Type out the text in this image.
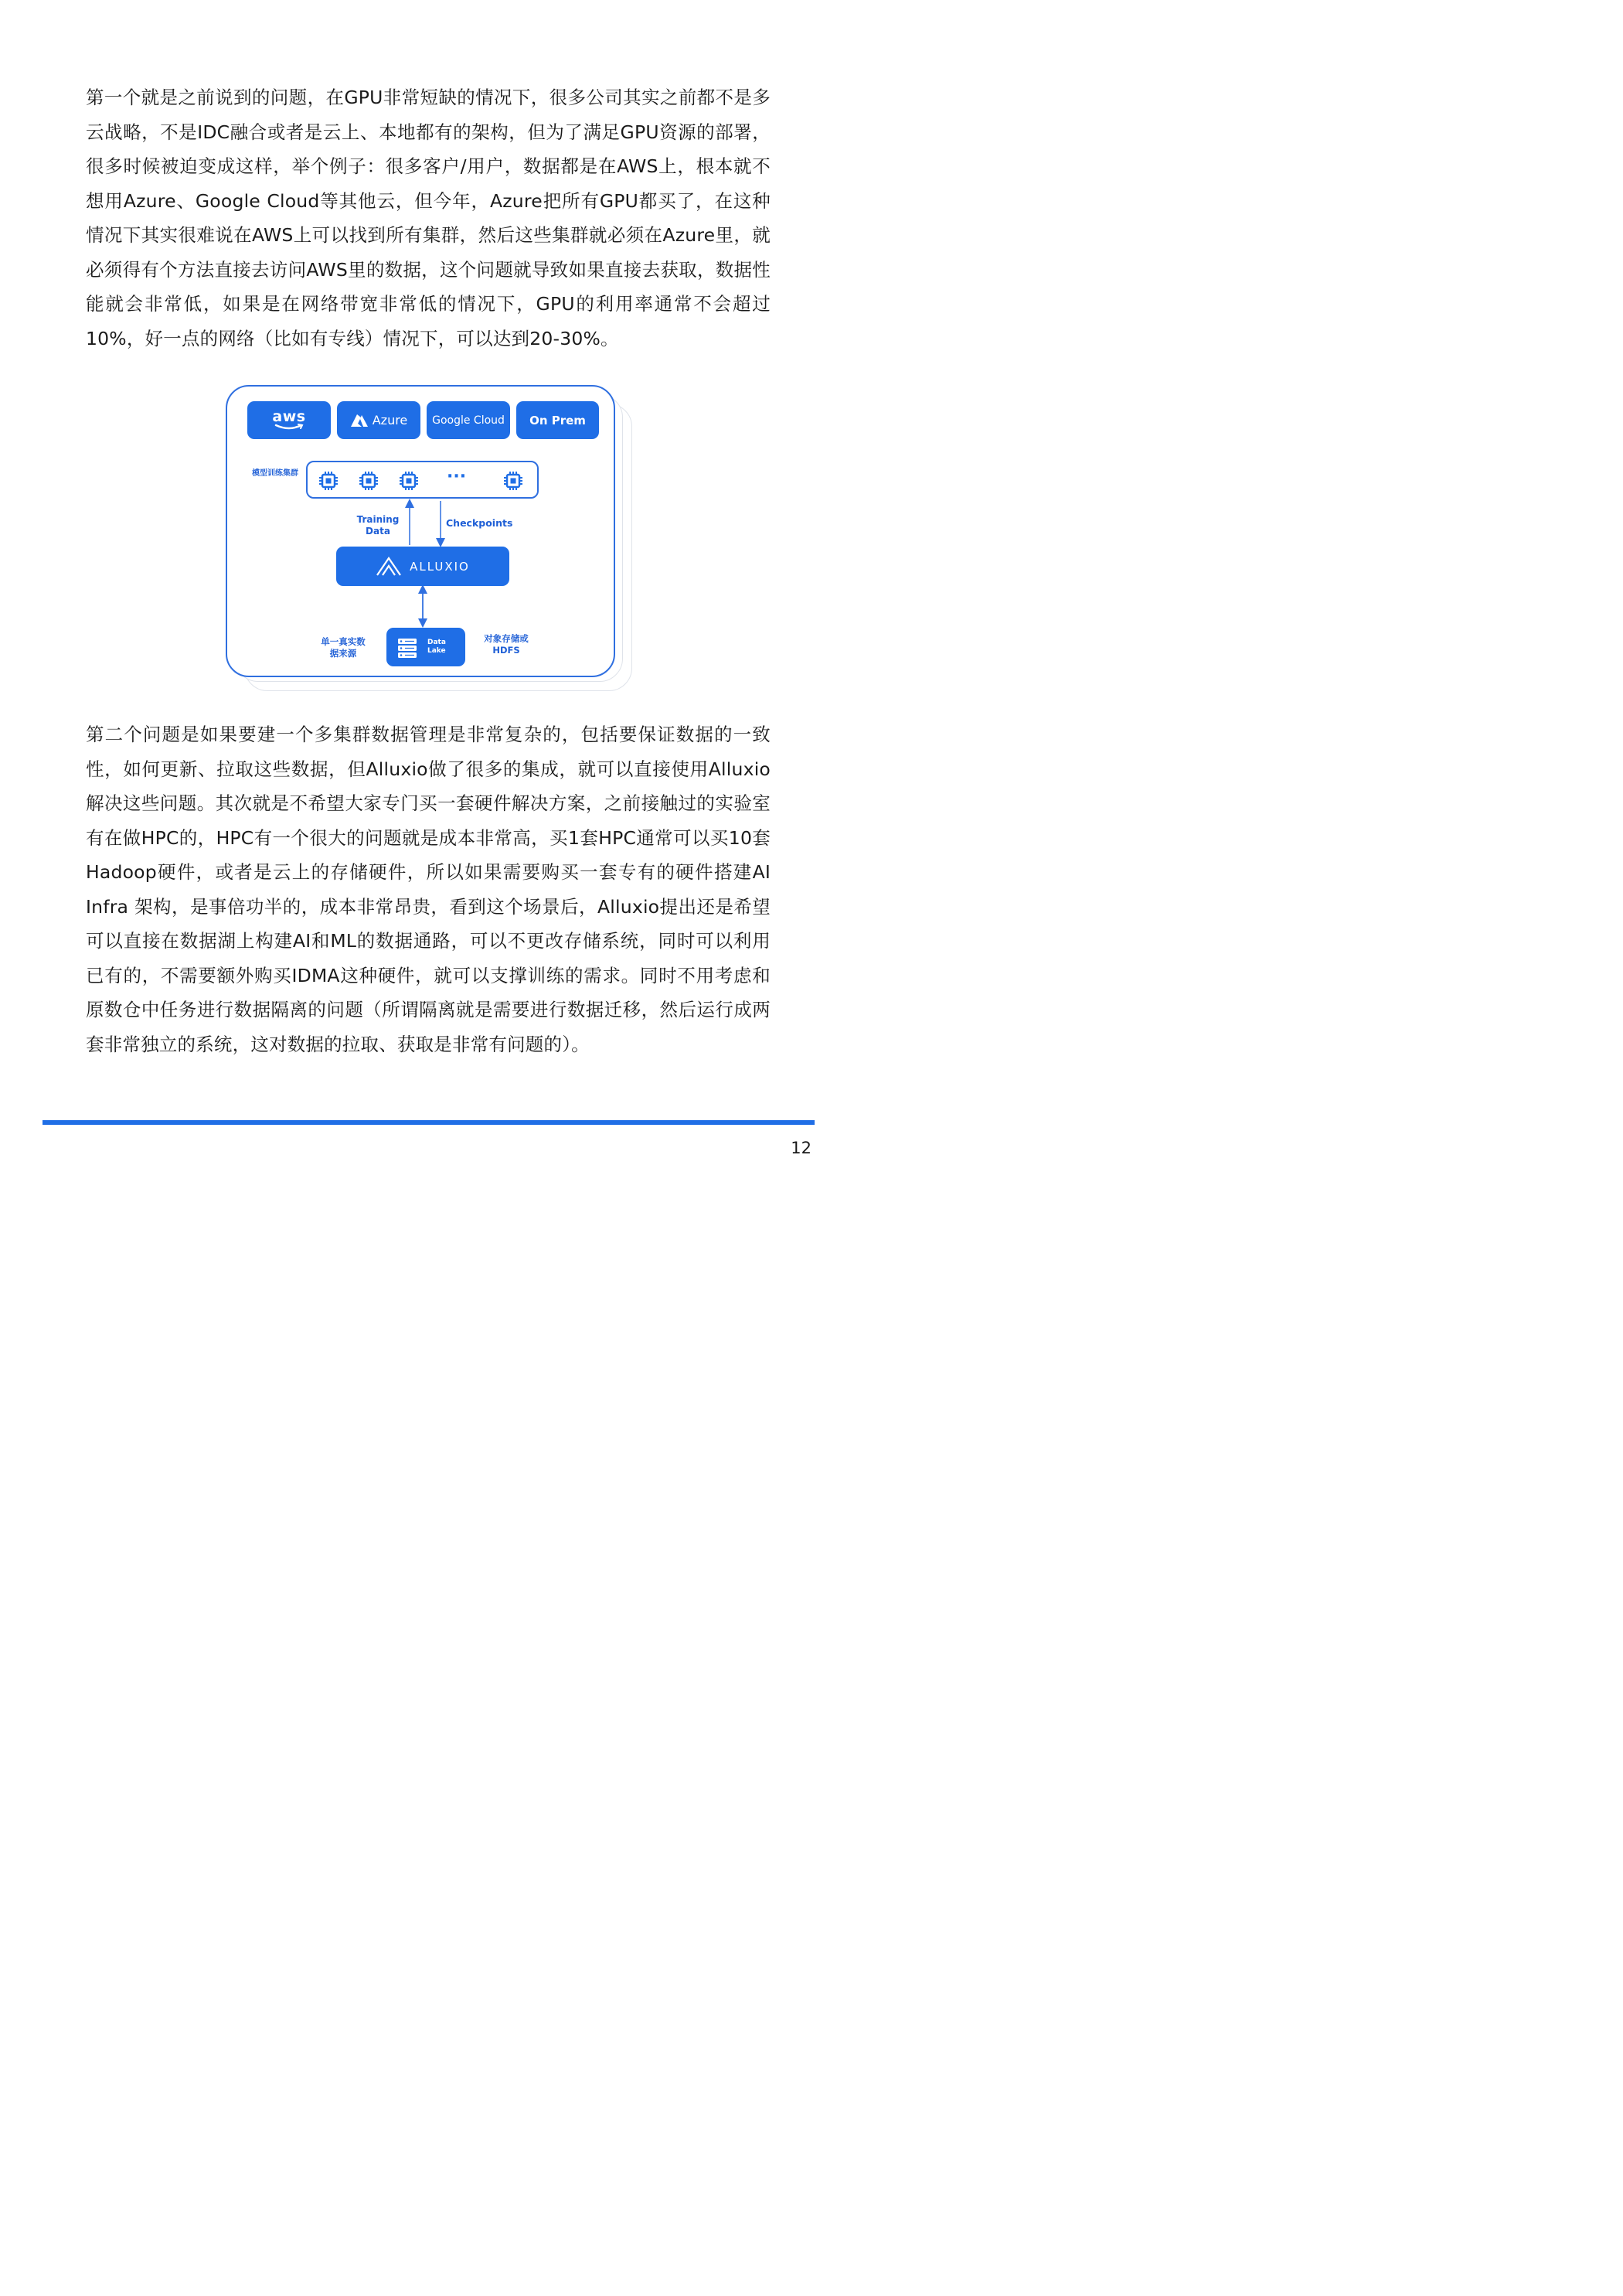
第一个就是之前说到的问题，在GPU非常短缺的情况下，很多公司其实之前都不是多云战略，不是IDC融合或者是云上、本地都有的架构，但为了满足GPU资源的部署，很多时候被迫变成这样，举个例子：很多客户/用户，数据都是在AWS上，根本就不想用Azure、Google Cloud等其他云，但今年，Azure把所有GPU都买了，在这种情况下其实很难说在AWS上可以找到所有集群，然后这些集群就必须在Azure里，就必须得有个方法直接去访问AWS里的数据，这个问题就导致如果直接去获取，数据性能就会非常低，如果是在网络带宽非常低的情况下，GPU的利用率通常不会超过10%，好一点的网络（比如有专线）情况下，可以达到20-30%。

aws	Azure Google Cloud On Prem
模型训练集群	···
Training Data
Checkpoints
ALLUXIO
单一真实数据来源
Data Lake
对象存储或HDFS

第二个问题是如果要建一个多集群数据管理是非常复杂的，包括要保证数据的一致性，如何更新、拉取这些数据，但Alluxio做了很多的集成，就可以直接使用Alluxio解决这些问题。其次就是不希望大家专门买一套硬件解决方案，之前接触过的实验室有在做HPC的，HPC有一个很大的问题就是成本非常高，买1套HPC通常可以买10套Hadoop硬件，或者是云上的存储硬件，所以如果需要购买一套专有的硬件搭建AI Infra 架构，是事倍功半的，成本非常昂贵，看到这个场景后，Alluxio提出还是希望可以直接在数据湖上构建AI和ML的数据通路，可以不更改存储系统，同时可以利用已有的，不需要额外购买IDMA这种硬件，就可以支撑训练的需求。同时不用考虑和原数仓中任务进行数据隔离的问题（所谓隔离就是需要进行数据迁移，然后运行成两套非常独立的系统，这对数据的拉取、获取是非常有问题的）。

12
